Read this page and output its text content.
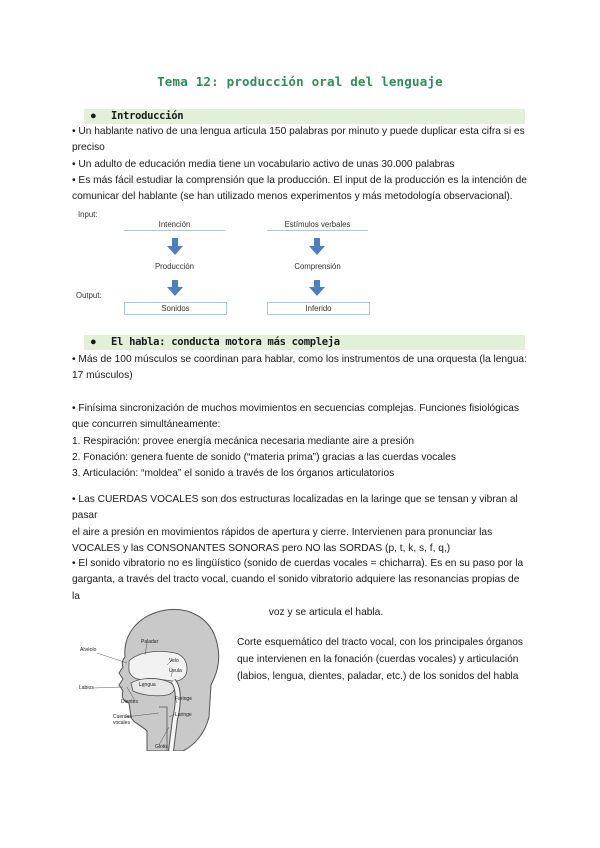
Tema 12: producción oral del lenguaje
● Introducción
• Un hablante nativo de una lengua articula 150 palabras por minuto y puede duplicar esta cifra si es
preciso
• Un adulto de educación media tiene un vocabulario activo de unas 30.000 palabras
• Es más fácil estudiar la comprensión que la producción. El input de la producción es la intención de
comunicar del hablante (se han utilizado menos experimentos y más metodología observacional).
Input:
Output:
Intención	Estímulos verbales
Producción	Comprensión
Sonidos	Inferido
● El habla: conducta motora más compleja
• Más de 100 músculos se coordinan para hablar, como los instrumentos de una orquesta (la lengua:
17 músculos)
• Finísima sincronización de muchos movimientos en secuencias complejas. Funciones fisiológicas
que concurren simultáneamente:
1. Respiración: provee energía mecánica necesaria mediante aire a presión
2. Fonación: genera fuente de sonido (“materia prima”) gracias a las cuerdas vocales
3. Articulación: “moldea” el sonido a través de los órganos articulatorios
• Las CUERDAS VOCALES son dos estructuras localizadas en la laringe que se tensan y vibran al pasar
el aire a presión en movimientos rápidos de apertura y cierre. Intervienen para pronunciar las
VOCALES y las CONSONANTES SONORAS pero NO las SORDAS (p, t, k, s, f, q,)
• El sonido vibratorio no es lingüístico (sonido de cuerdas vocales = chicharra). Es en su paso por la
garganta, a través del tracto vocal, cuando el sonido vibratorio adquiere las resonancias propias de la
voz y se articula el habla.
Paladar
Alvéolo
Velo
Úvula
Labios	Lengua
Faringe
Dientes
Laringe
Cuerdas vocales
Glotis
Corte esquemático del tracto vocal, con los principales órganos
que intervienen en la fonación (cuerdas vocales) y articulación
(labios, lengua, dientes, paladar, etc.) de los sonidos del habla
